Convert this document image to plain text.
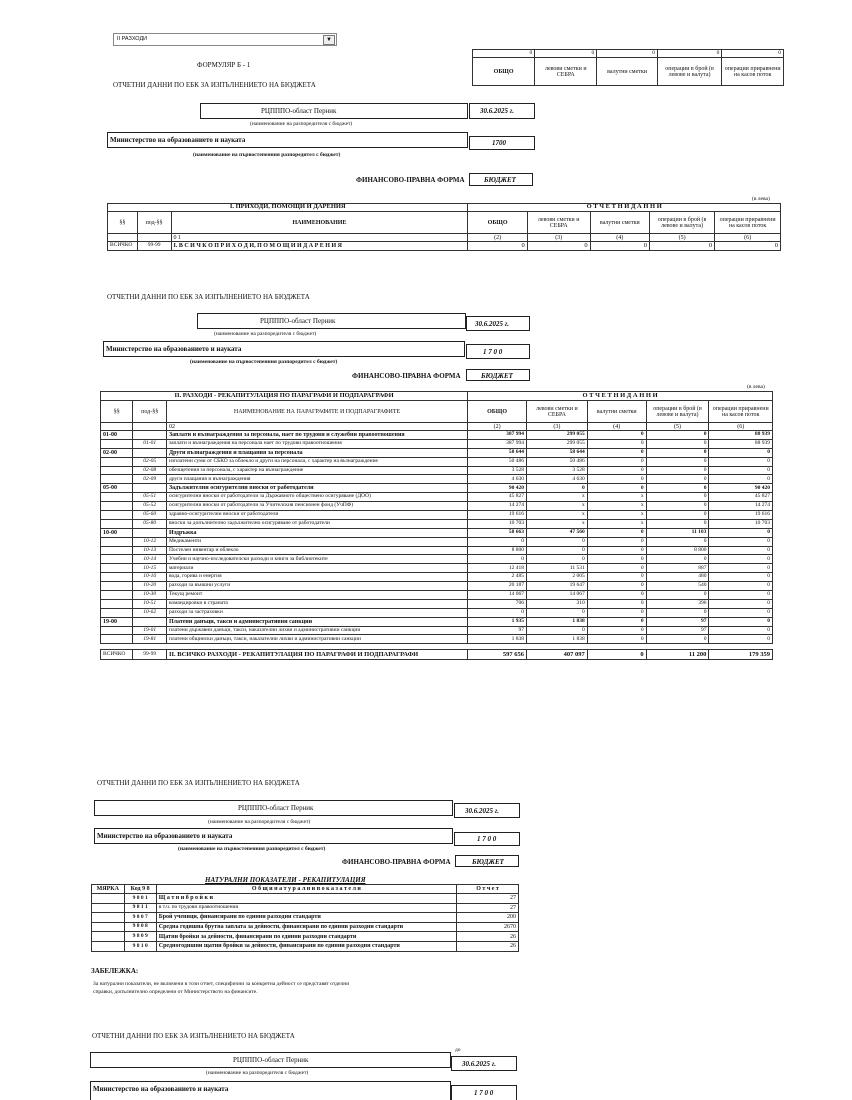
ІІ РАЗХОДИ	▼
0	0	0	0	0
ОБЩО	левови сметки и СЕБРА	валутни сметки	операции в брой (в левове и валута)	операции приравнени на касов поток
ФОРМУЛЯР Б - 1
ОТЧЕТНИ ДАННИ ПО ЕБК ЗА ИЗПЪЛНЕНИЕТО НА БЮДЖЕТА
РЦПППО-област Перник	30.6.2025 г.
(наименование на разпоредителя с бюджет)
Министерство на образованието и науката	1700
(наименование на първостепенния разпоредител с бюджет)
ФИНАНСОВО-ПРАВНА ФОРМА	БЮДЖЕТ
(в лева)
І. ПРИХОДИ, ПОМОЩИ И ДАРЕНИЯ			О Т Ч Е Т Н И Д А Н Н И				
§§	под-§§	НАИМЕНОВАНИЕ	ОБЩО	левови сметки и СЕБРА	валутни сметки	операции в брой (в левове и валута)	операции приравнени на касов поток
		0 1	(2)	(3)	(4)	(5)	(6)
ВСИЧКО	99-99	І. В С И Ч К О П Р И Х О Д И, П О М О Щ И И Д А Р Е Н И Я	0	0	0	0	0
ОТЧЕТНИ ДАННИ ПО ЕБК ЗА ИЗПЪЛНЕНИЕТО НА БЮДЖЕТА
РЦПППО-област Перник	30.6.2025 г.
(наименование на разпоредителя с бюджет)
Министерство на образованието и науката	1 7 0 0
(наименование на първостепенния разпоредител с бюджет)
ФИНАНСОВО-ПРАВНА ФОРМА	БЮДЖЕТ
(в лева)
ІІ. РАЗХОДИ - РЕКАПИТУЛАЦИЯ ПО ПАРАГРАФИ И ПОДПАРАГРАФИ			О Т Ч Е Т Н И Д А Н Н И				
§§	под-§§	НАИМЕНОВАНИЕ НА ПАРАГРАФИТЕ И ПОДПАРАГРАФИТЕ	ОБЩО	левови сметки и СЕБРА	валутни сметки	операции в брой (в левове и валута)	операции приравнени на касов поток
		02	(2)	(3)	(4)	(5)	(6)
01-00		Заплати и възнаграждения за персонала, нает по трудови и служебни правоотношения	387 994	299 055	0	0	88 939
	01-01	заплати и възнаграждения на персонала нает по трудови правоотношения	387 994	299 055	0	0	88 939
02-00		Други възнаграждения и плащания за персонала	58 644	58 644	0	0	0
	02-05	изплатени суми от СБКО за облекло и други на персонала, с характер на възнаграждение	50 486	50 486	0	0	0
	02-08	обезщетения за персонала, с характер на възнаграждение	3 528	3 528	0	0	0
	02-09	други плащания и възнаграждения	4 630	4 630	0	0	0
05-00		Задължителни осигурителни вноски от работодатели	90 420	0	0	0	90 420
	05-51	осигурителни вноски от работодатели за Държавното обществено осигуряване (ДОО)	45 827	x	x	0	45 827
	05-52	осигурителни вноски от работодатели за Учителския пенсионен фонд (УчПФ)	14 274	x	x	0	14 274
	05-60	здравно-осигурителни вноски от работодатели	19 616	x	x	0	19 616
	05-80	вноски за допълнително задължително осигуряване от работодатели	10 703	x	x	0	10 703
10-00		Издръжка	58 663	47 560	0	11 103	0
	10-12	Медикаменти	0	0	0	0	0
	10-13	Постелен инвентар и облекло	8 800	0	0	8 800	0
	10-14	Учебни и научно-изследователски разходи и книги за библиотеките	0	0	0	0	0
	10-15	материали	12 418	11 531	0	887	0
	10-16	вода, горива и енергия	2 485	2 005	0	480	0
	10-20	разходи за външни услуги	20 187	19 647	0	540	0
	10-30	Текущ ремонт	14 067	14 067	0	0	0
	10-51	командировки в страната	706	310	0	396	0
	10-62	разходи за застраховки	0	0	0	0	0
19-00		Платени данъци, такси и административни санкции	1 935	1 838	0	97	0
	19-01	платени държавни данъци, такси, наказателни лихви и административни санкции	97	0	0	97	0
	19-81	платени общински данъци, такси, наказателни лихви и административни санкции	1 838	1 838	0	0	0

ВСИЧКО	99-99	ІІ. ВСИЧКО РАЗХОДИ - РЕКАПИТУЛАЦИЯ ПО ПАРАГРАФИ И ПОДПАРАГРАФИ	597 656	407 097	0	11 200	179 359
ОТЧЕТНИ ДАННИ ПО ЕБК ЗА ИЗПЪЛНЕНИЕТО НА БЮДЖЕТА
РЦПППО-област Перник	30.6.2025 г.
(наименование на разпоредителя с бюджет)
Министерство на образованието и науката	1 7 0 0
(наименование на първостепенния разпоредител с бюджет)
ФИНАНСОВО-ПРАВНА ФОРМА	БЮДЖЕТ
НАТУРАЛНИ ПОКАЗАТЕЛИ - РЕКАПИТУЛАЦИЯ
МЯРКА	Код 9 8	О б щ и н а т у р а л н и п о к а з а т е л и	О т ч е т
	9 8 0 1	Щ а т н и б р о й к и	27
	9 8 1 1	в т.ч. по трудови правоотношения	27
	9 8 0 7	Брой ученици, финансирани по единни разходни стандарти	200
	9 8 0 8	Средна годишна брутна заплата за дейности, финансирани по единни разходни стандарти	2670
	9 8 0 9	Щатни бройки за дейности, финансирани по единни разходни стандарти	26
	9 8 1 0	Средногодишни щатни бройки за дейности, финансирани по единни разходни стандарти	26
ЗАБЕЛЕЖКА:
За натурални показатели, не включени в този отчет, специфични за конкретна дейност се представят отделни
справки, допълнително определени от Министерството на финансите.
ОТЧЕТНИ ДАННИ ПО ЕБК ЗА ИЗПЪЛНЕНИЕТО НА БЮДЖЕТА
до
РЦПППО-област Перник	30.6.2025 г.
(наименование на разпоредителя с бюджет)
Министерство на образованието и науката	1 7 0 0
